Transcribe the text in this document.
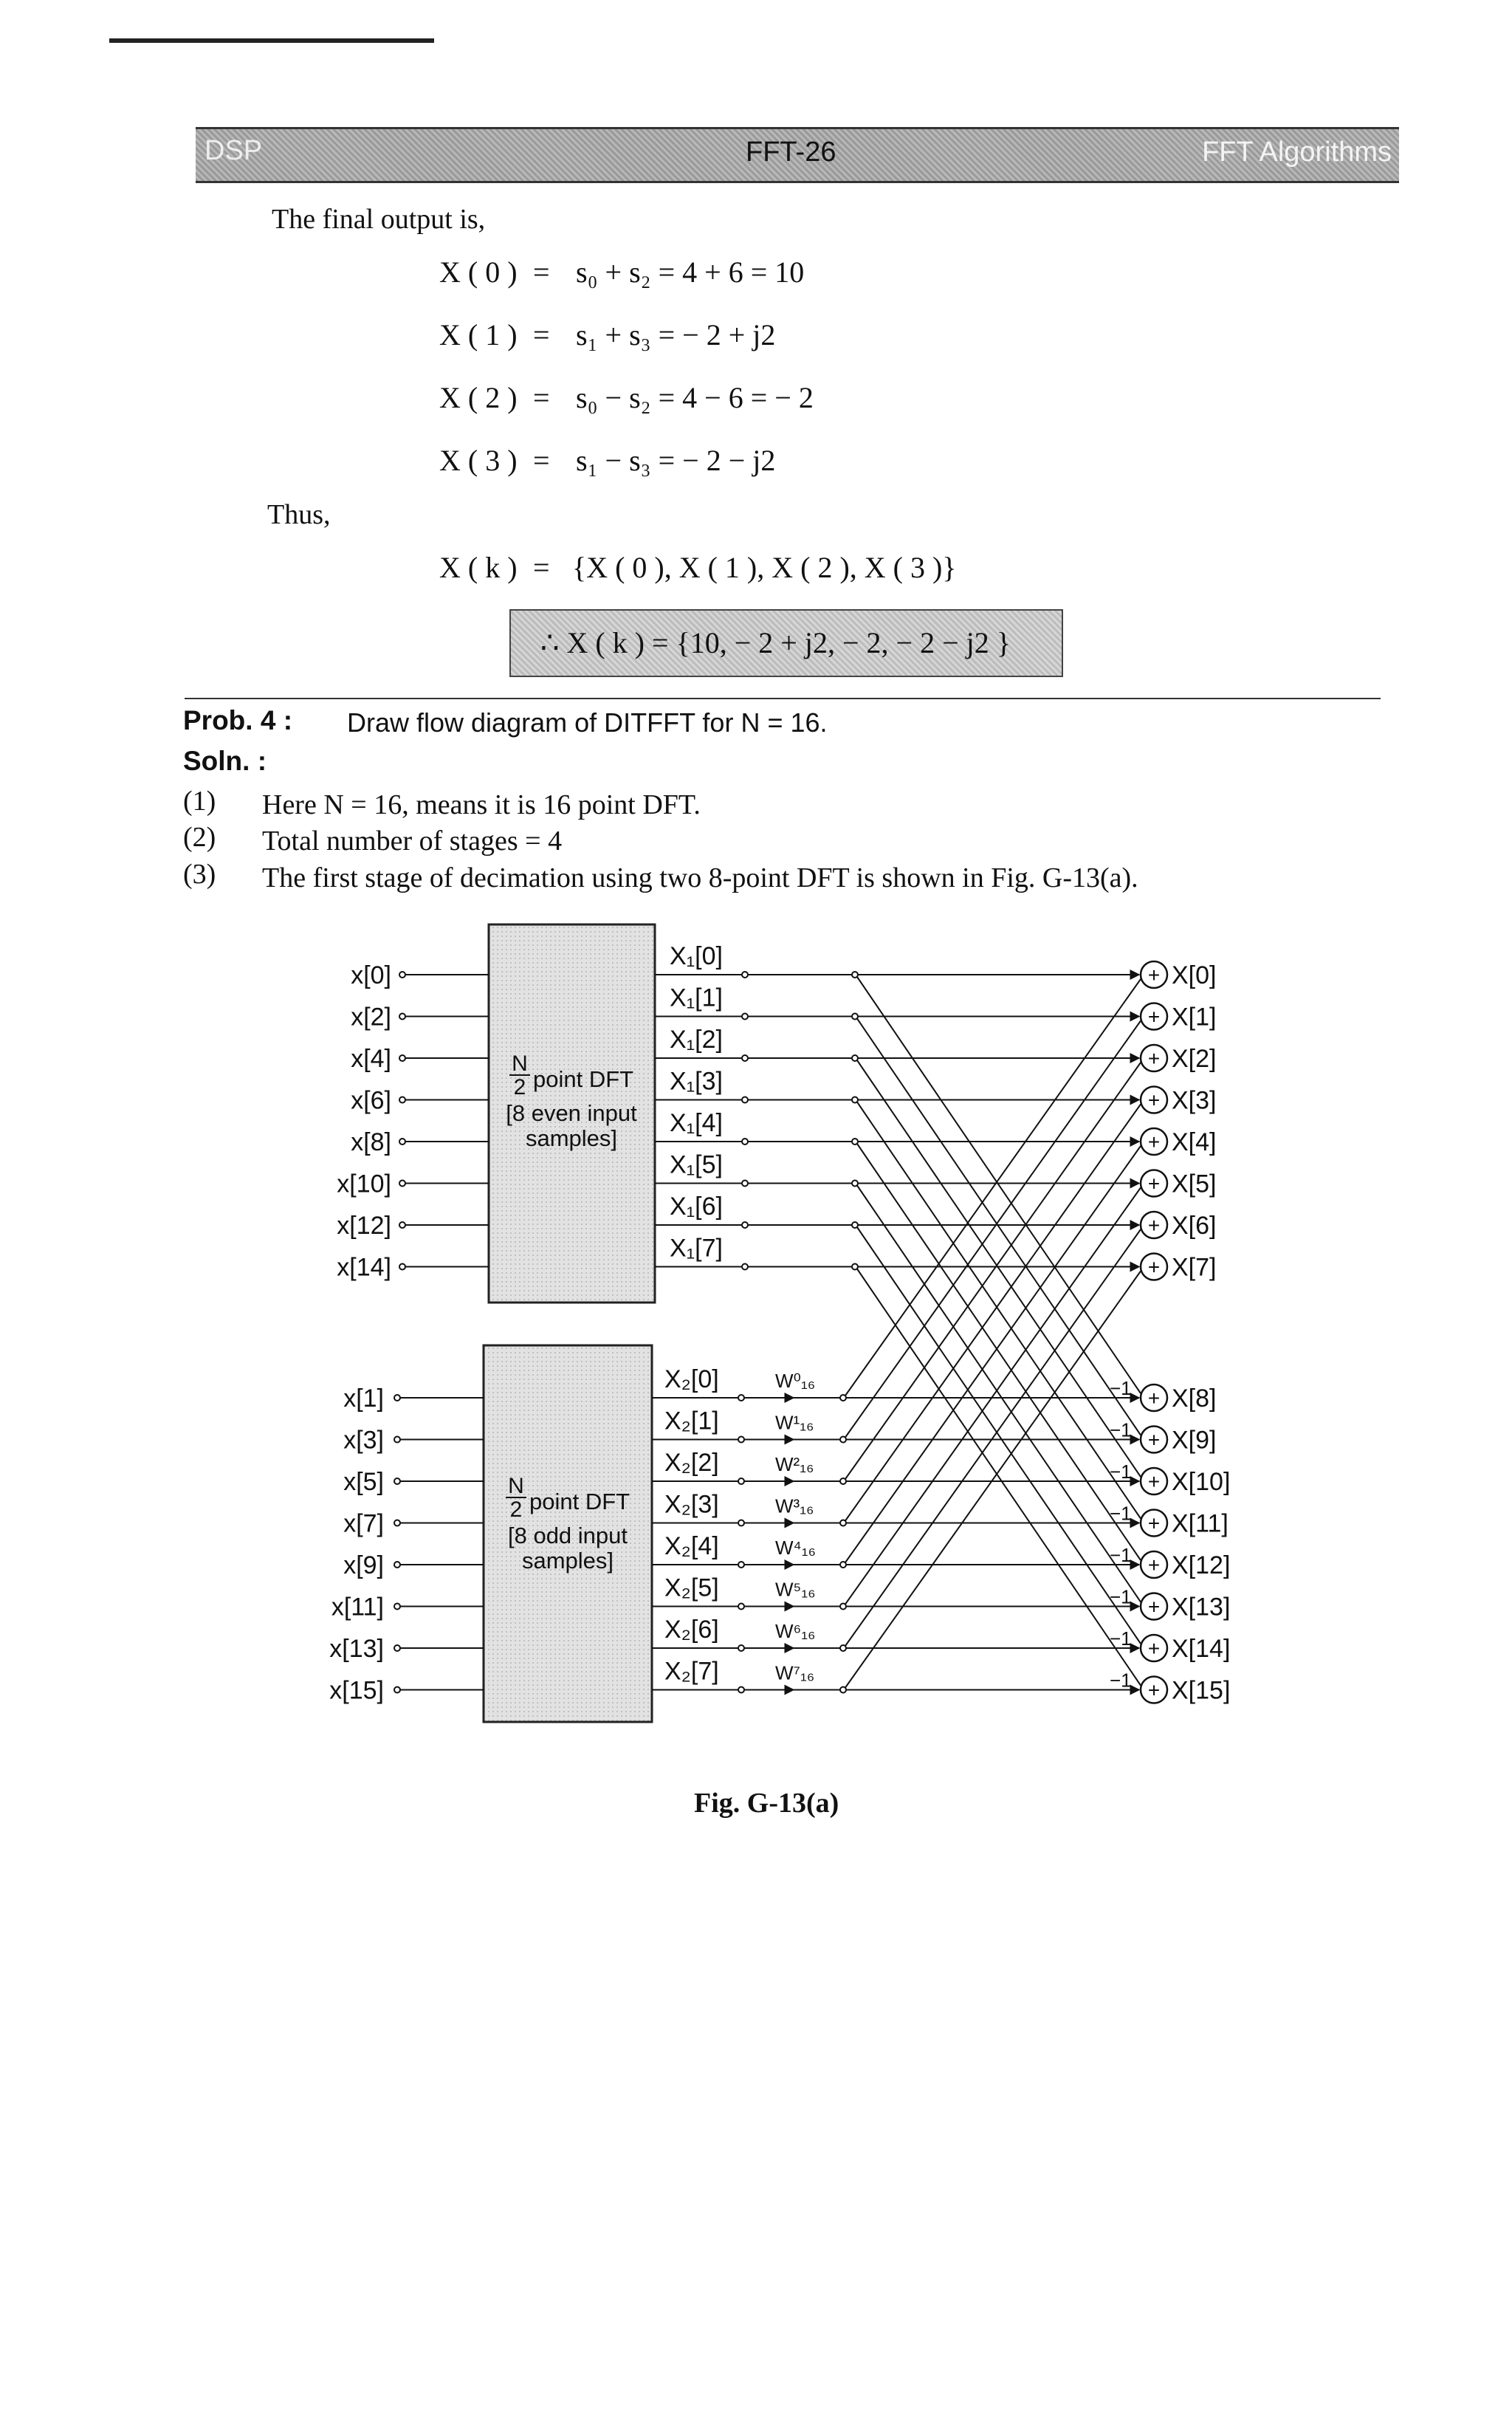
DSP	FFT-26	FFT Algorithms
The final output is,
X ( 0 ) = s₀ + s₂ = 4 + 6 = 10
X ( 1 ) = s₁ + s₃ = − 2 + j2
X ( 2 ) = s₀ − s₂ = 4 − 6 = − 2
X ( 3 ) = s₁ − s₃ = − 2 − j2
Thus,
X ( k ) = {X ( 0 ), X ( 1 ), X ( 2 ), X ( 3 )}
∴ X ( k ) = {10, − 2 + j2, − 2, − 2 − j2 }
Prob. 4 : Draw flow diagram of DITFFT for N = 16.
Soln. :
(1) Here N = 16, means it is 16 point DFT.
(2) Total number of stages = 4
(3) The first stage of decimation using two 8-point DFT is shown in Fig. G-13(a).
x[0]
x[2]
x[4]
x[6]
x[8]
x[10]
x[12]
x[14]
x[1]
x[3]
x[5]
x[7]
x[9]
x[11]
x[13]
x[15]
N
2 point DFT
[8 even input
samples]
N
2 point DFT
[8 odd input
samples]
X₁[0]
X₁[1]
X₁[2]
X₁[3]
X₁[4]
X₁[5]
X₁[6]
X₁[7]
X₂[0]	W⁰₁₆
X₂[1]	W¹₁₆
X₂[2]	W²₁₆
X₂[3]	W³₁₆
X₂[4]	W⁴₁₆
X₂[5]	W⁵₁₆
X₂[6]	W⁶₁₆
X₂[7]	W⁷₁₆
−1
−1
−1
−1
−1
−1
−1
−1
+ X[0]
+ X[1]
+ X[2]
+ X[3]
+ X[4]
+ X[5]
+ X[6]
+ X[7]
+ X[8]
+ X[9]
+ X[10]
+ X[11]
+ X[12]
+ X[13]
+ X[14]
+ X[15]
Fig. G-13(a)
